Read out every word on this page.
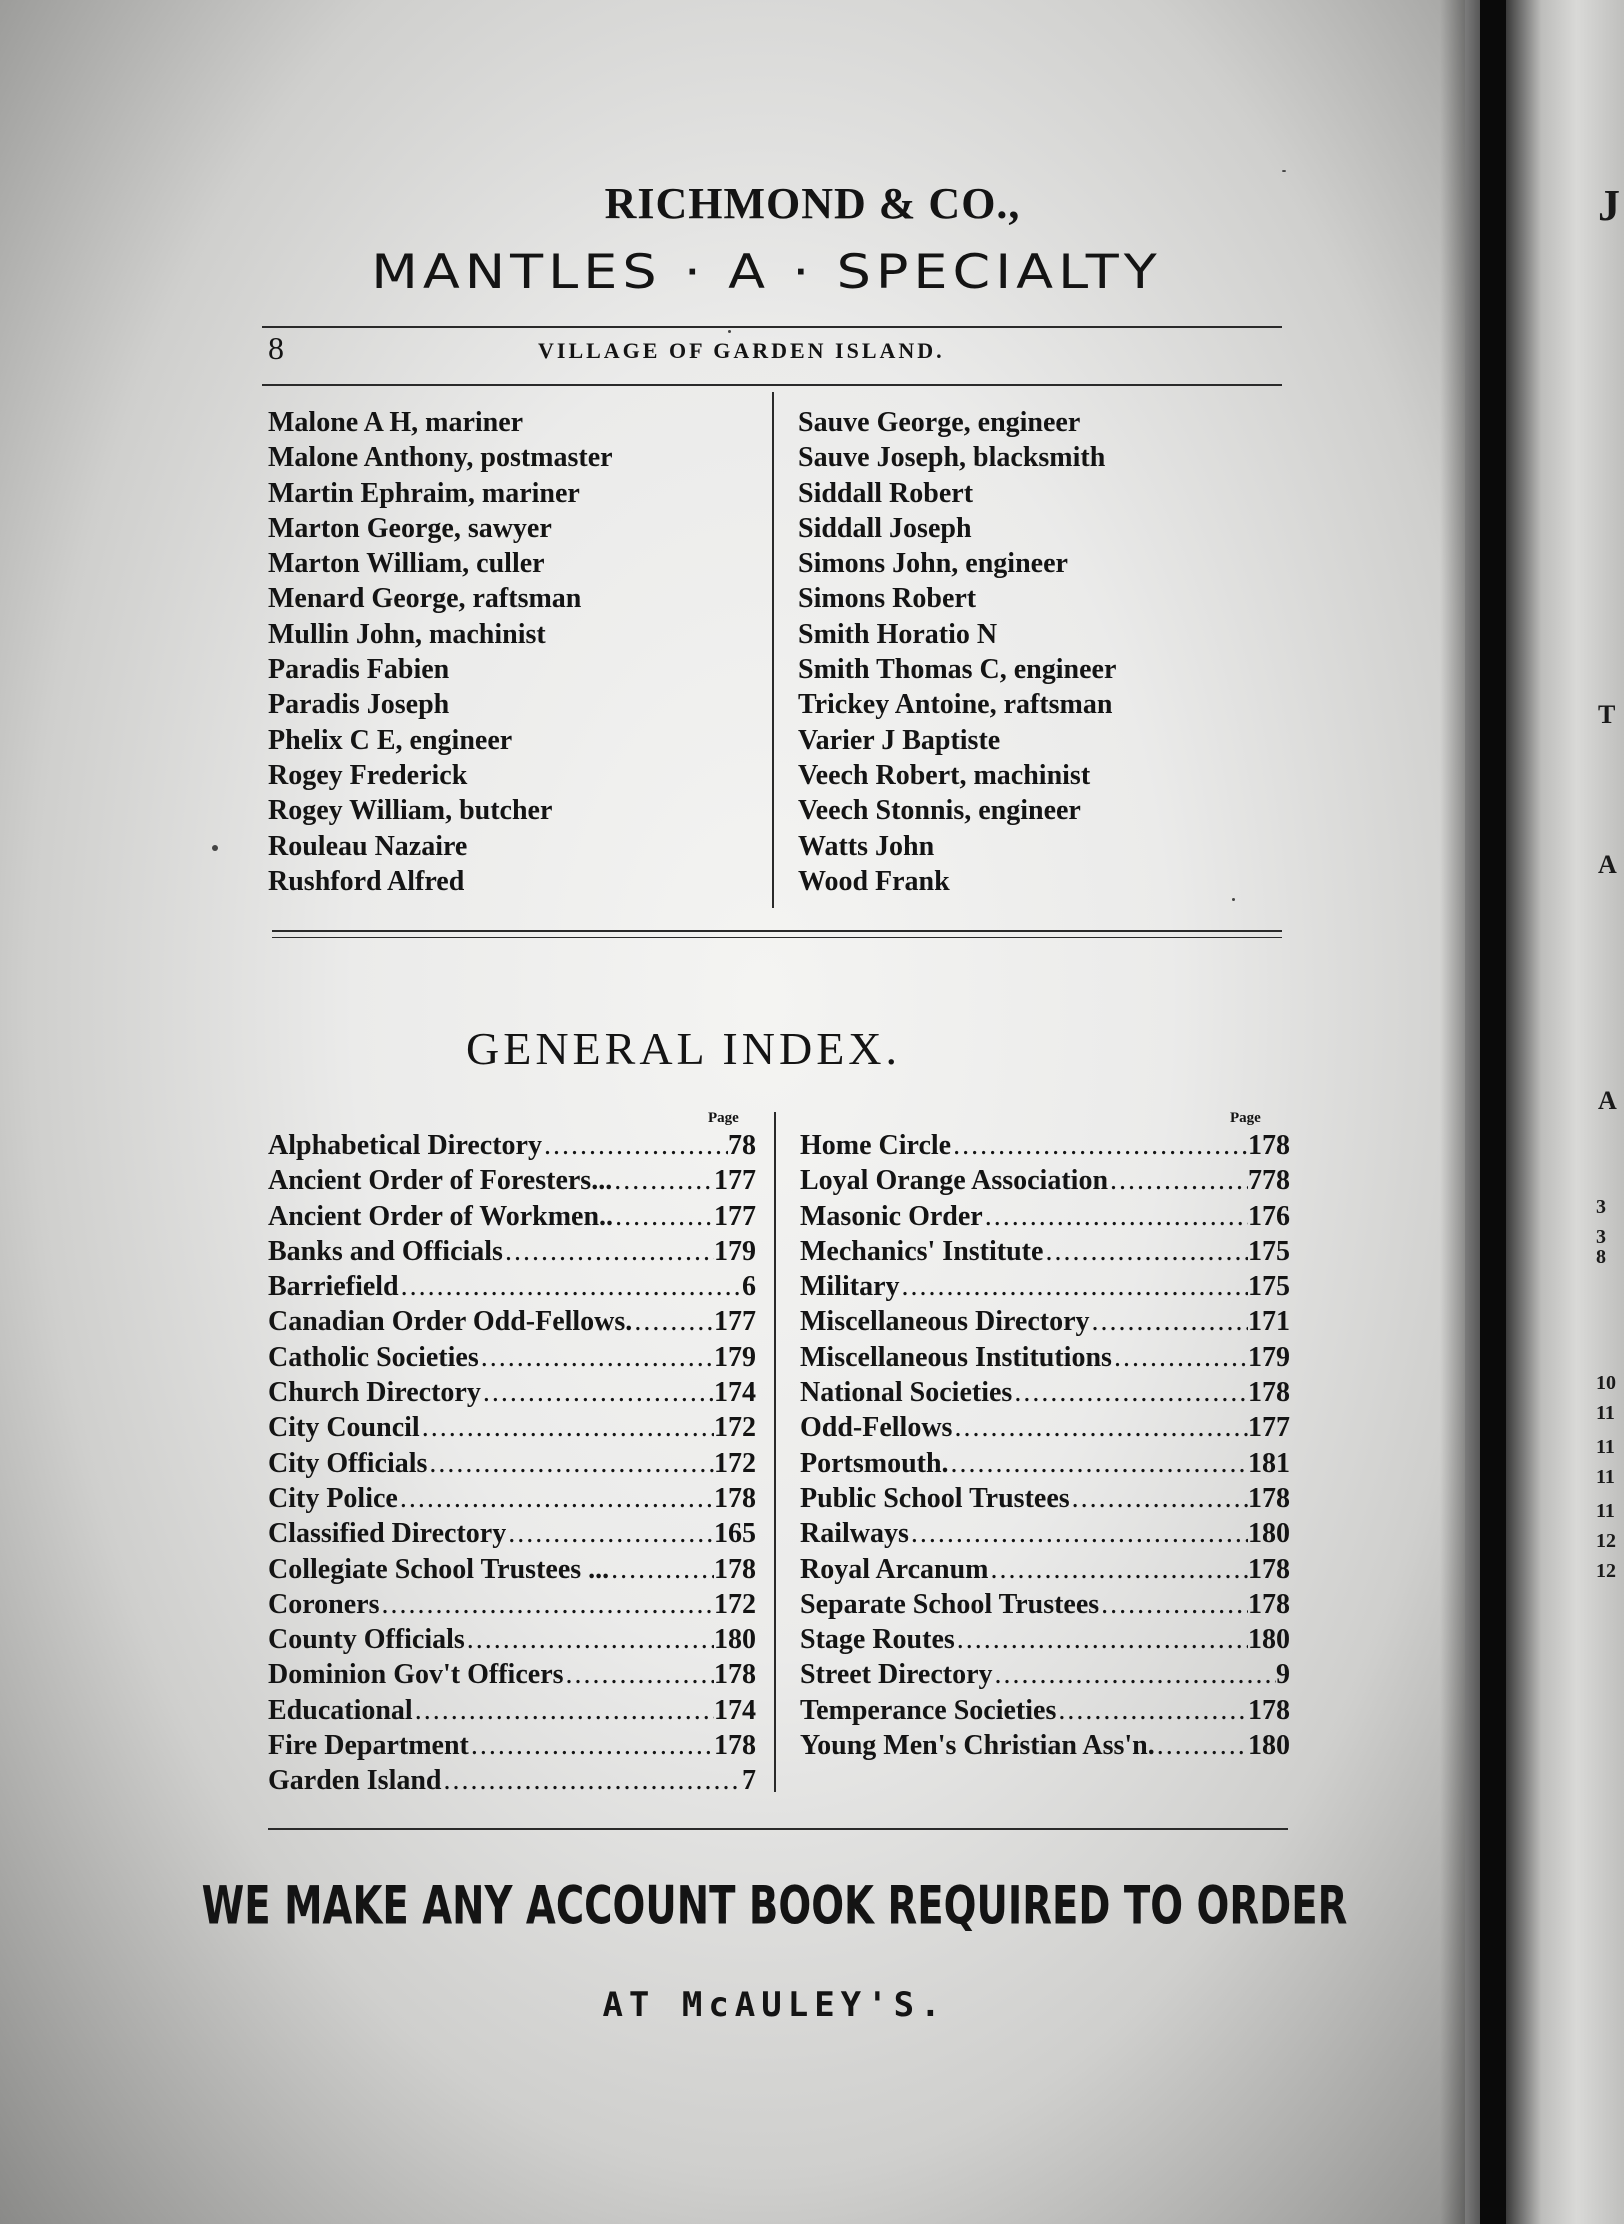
RICHMOND & CO.,
MANTLES · A · SPECIALTY
8	VILLAGE OF GARDEN ISLAND.
Malone A H, mariner
Malone Anthony, postmaster
Martin Ephraim, mariner
Marton George, sawyer
Marton William, culler
Menard George, raftsman
Mullin John, machinist
Paradis Fabien
Paradis Joseph
Phelix C E, engineer
Rogey Frederick
Rogey William, butcher
Rouleau Nazaire
Rushford Alfred
Sauve George, engineer
Sauve Joseph, blacksmith
Siddall Robert
Siddall Joseph
Simons John, engineer
Simons Robert
Smith Horatio N
Smith Thomas C, engineer
Trickey Antoine, raftsman
Varier J Baptiste
Veech Robert, machinist
Veech Stonnis, engineer
Watts John
Wood Frank
GENERAL INDEX.
Page	Page
Alphabetical Directory .....	78
Ancient Order of Foresters... .....	177
Ancient Order of Workmen.. .....	177
Banks and Officials .....	179
Barriefield .....	6
Canadian Order Odd-Fellows. .....	177
Catholic Societies .....	179
Church Directory .....	174
City Council .....	172
City Officials .....	172
City Police .....	178
Classified Directory .....	165
Collegiate School Trustees ... .....	178
Coroners .....	172
County Officials .....	180
Dominion Gov't Officers .....	178
Educational .....	174
Fire Department .....	178
Garden Island .....	7
Home Circle .....	178
Loyal Orange Association .....	778
Masonic Order .....	176
Mechanics' Institute .....	175
Military .....	175
Miscellaneous Directory .....	171
Miscellaneous Institutions .....	179
National Societies .....	178
Odd-Fellows .....	177
Portsmouth. .....	181
Public School Trustees .....	178
Railways .....	180
Royal Arcanum .....	178
Separate School Trustees .....	178
Stage Routes .....	180
Street Directory .....	9
Temperance Societies .....	178
Young Men's Christian Ass'n. .....	180
WE MAKE ANY ACCOUNT BOOK REQUIRED TO ORDER
AT McAULEY'S.
J
T
A
A
3
3
8
10
11
11
11
11
12
12
